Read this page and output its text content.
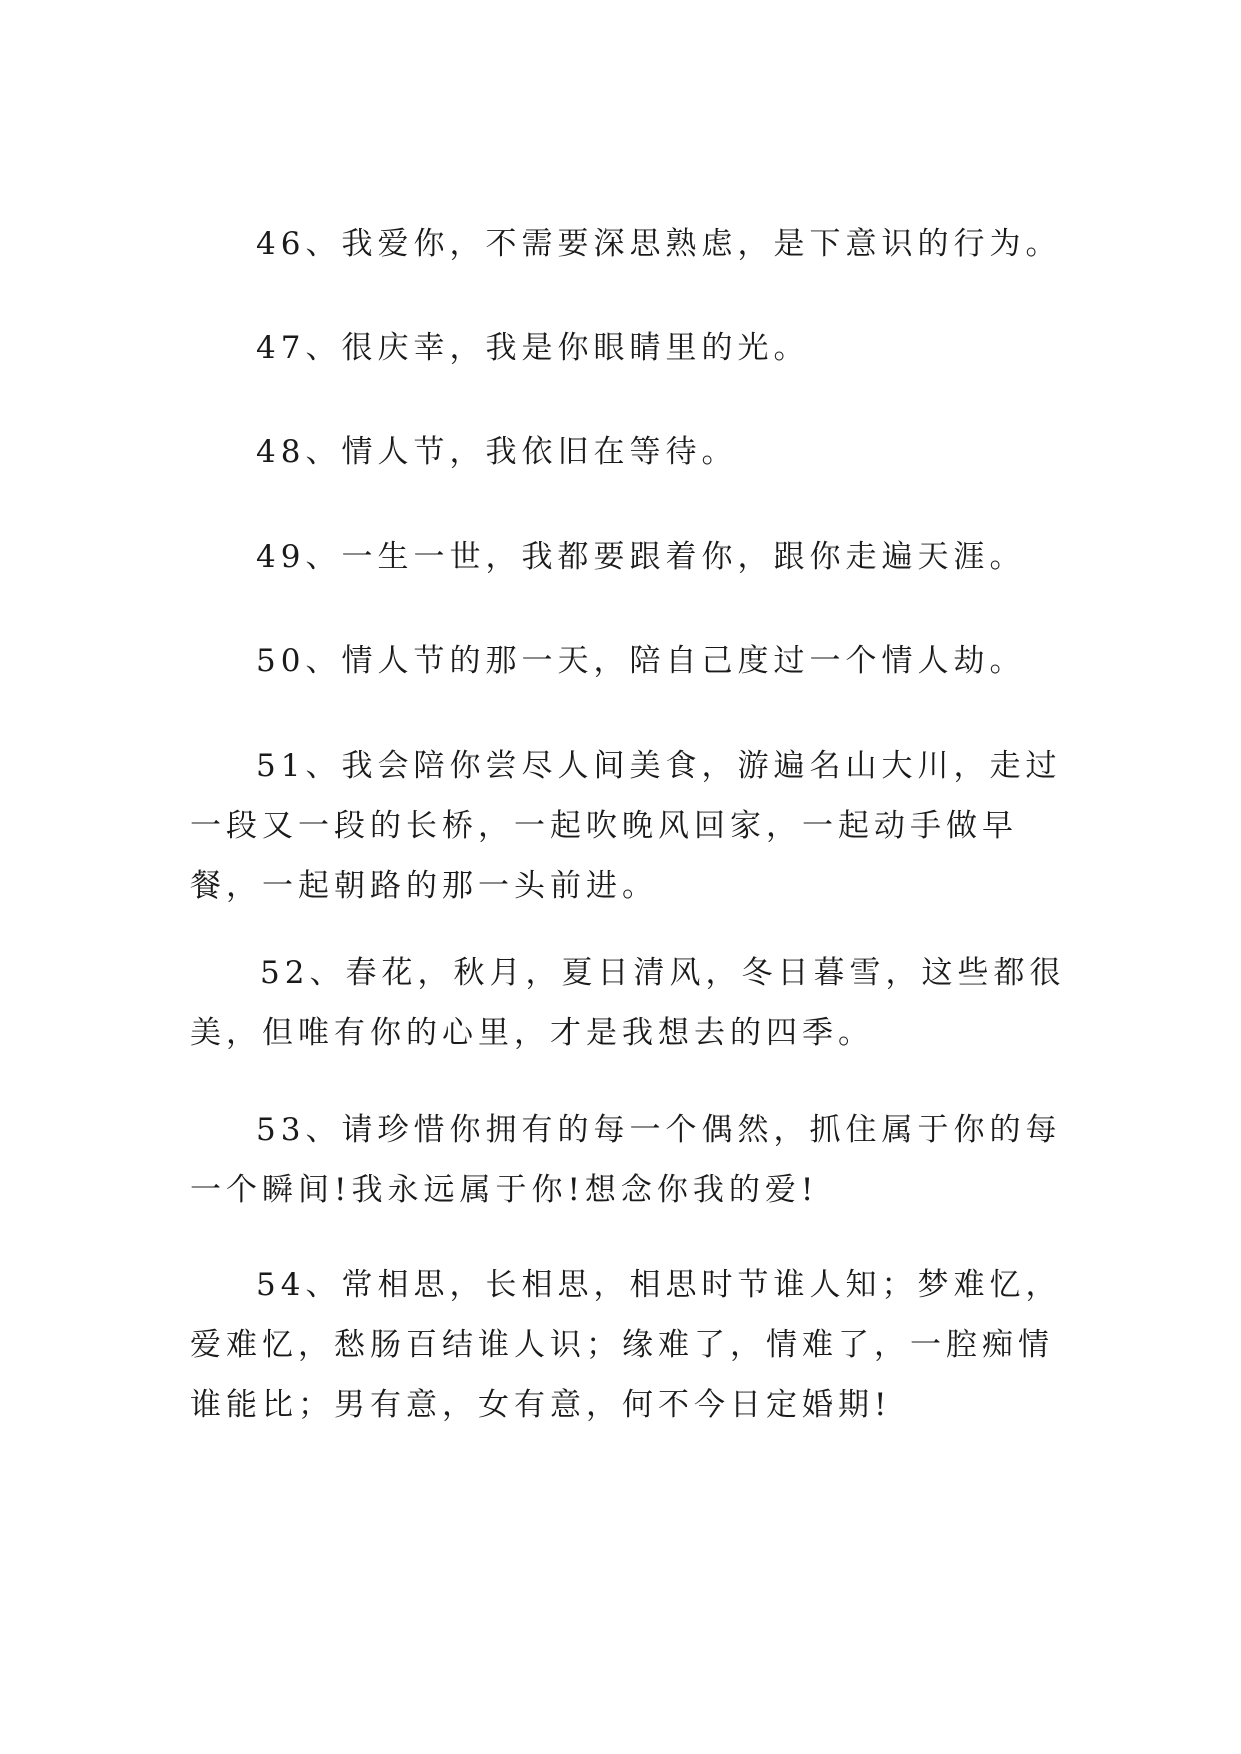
46、我爱你，不需要深思熟虑，是下意识的行为。

47、很庆幸，我是你眼睛里的光。

48、情人节，我依旧在等待。

49、一生一世，我都要跟着你，跟你走遍天涯。

50、情人节的那一天，陪自己度过一个情人劫。

51、我会陪你尝尽人间美食，游遍名山大川，走过一段又一段的长桥，一起吹晚风回家，一起动手做早餐，一起朝路的那一头前进。

52、春花，秋月，夏日清风，冬日暮雪，这些都很美，但唯有你的心里，才是我想去的四季。

53、请珍惜你拥有的每一个偶然，抓住属于你的每一个瞬间!我永远属于你!想念你我的爱!

54、常相思，长相思，相思时节谁人知；梦难忆，爱难忆，愁肠百结谁人识；缘难了，情难了，一腔痴情谁能比；男有意，女有意，何不今日定婚期!
